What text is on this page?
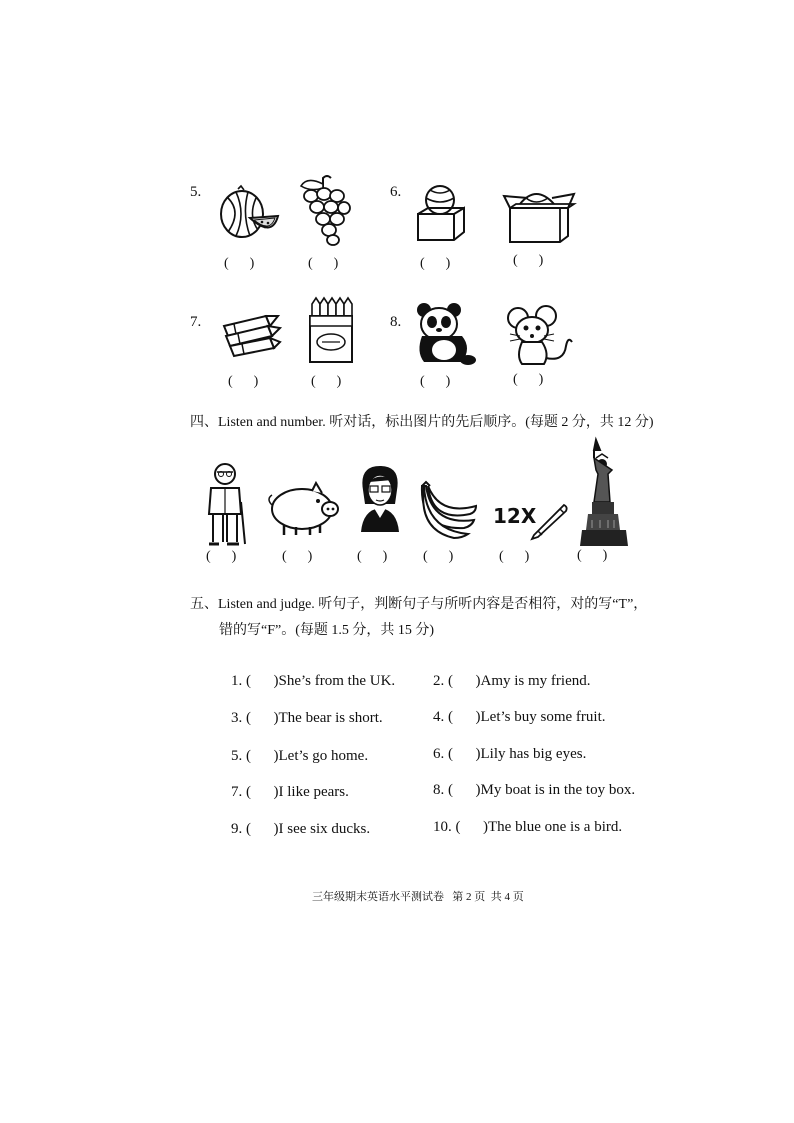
5.
(      )	(      )
6.
(      )	(      )
7.
(      )	(      )
8.
(      )	(      )
四、Listen and number. 听对话，标出图片的先后顺序。(每题 2 分，共 12 分)
12X
(      )	(      )	(      )	(      )	(      )	(      )
五、Listen and judge. 听句子，判断句子与所听内容是否相符，对的写“T”，
错的写“F”。(每题 1.5 分，共 15 分)

1. (      )She’s from the UK.
	2. (      )Amy is my friend.

3. (      )The bear is short.
	4. (      )Let’s buy some fruit.

5. (      )Let’s go home.
	6. (      )Lily has big eyes.

7. (      )I like pears.
	8. (      )My boat is in the toy box.

9. (      )I see six ducks.
	10. (      )The blue one is a bird.

三年级期末英语水平测试卷   第 2 页  共 4 页
